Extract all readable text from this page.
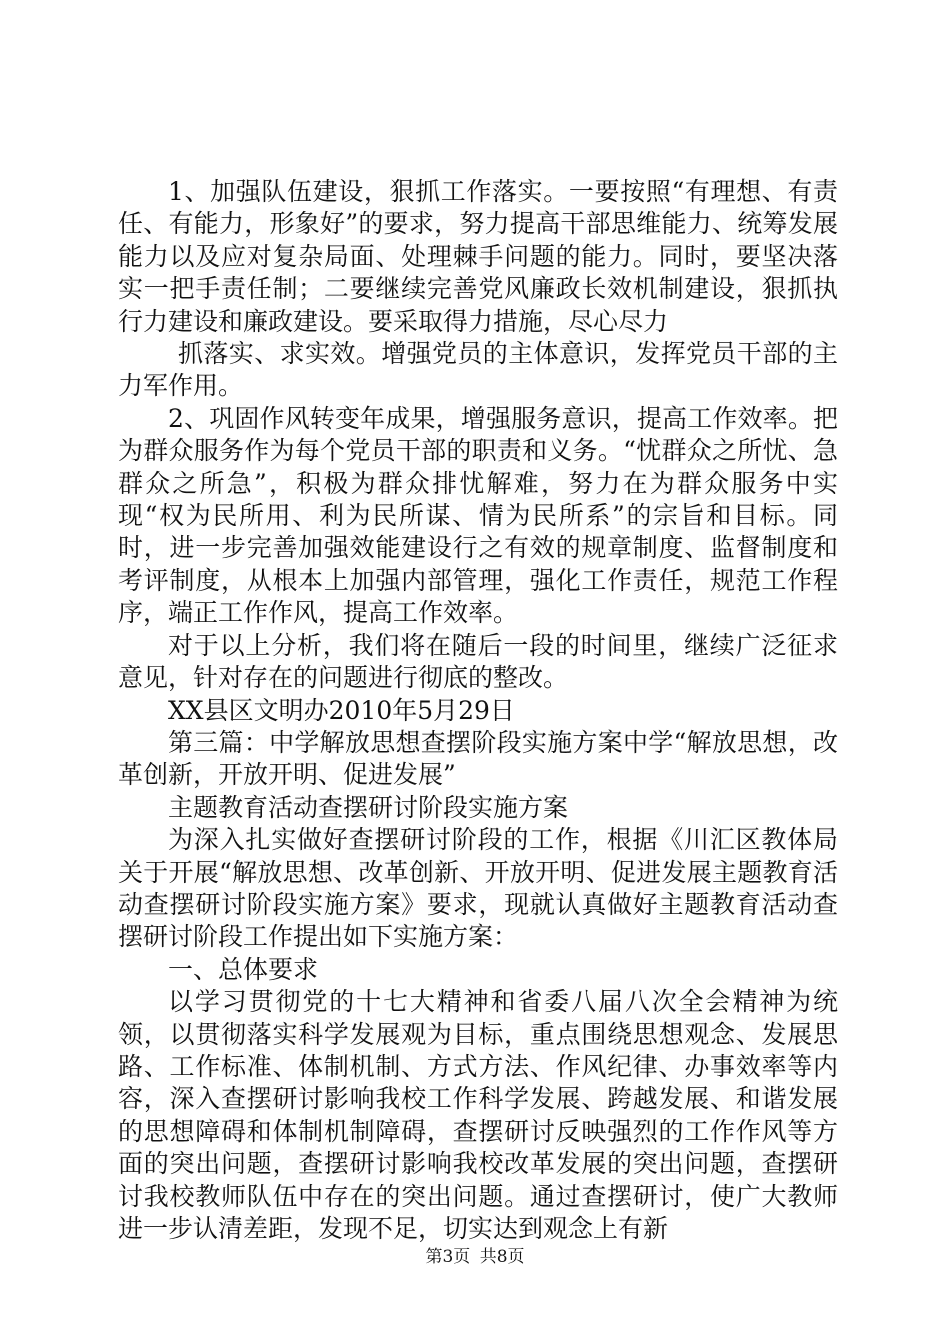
1、加强队伍建设，狠抓工作落实。一要按照“有理想、有责任、有能力，形象好”的要求，努力提高干部思维能力、统筹发展能力以及应对复杂局面、处理棘手问题的能力。同时，要坚决落实一把手责任制；二要继续完善党风廉政长效机制建设，狠抓执行力建设和廉政建设。要采取得力措施，尽心尽力

抓落实、求实效。增强党员的主体意识，发挥党员干部的主力军作用。

2、巩固作风转变年成果，增强服务意识，提高工作效率。把为群众服务作为每个党员干部的职责和义务。“忧群众之所忧、急群众之所急”，积极为群众排忧解难，努力在为群众服务中实现“权为民所用、利为民所谋、情为民所系”的宗旨和目标。同时，进一步完善加强效能建设行之有效的规章制度、监督制度和考评制度，从根本上加强内部管理，强化工作责任，规范工作程序，端正工作作风，提高工作效率。

对于以上分析，我们将在随后一段的时间里，继续广泛征求意见，针对存在的问题进行彻底的整改。

XX县区文明办2010年5月29日

第三篇：中学解放思想查摆阶段实施方案中学“解放思想，改革创新，开放开明、促进发展”

主题教育活动查摆研讨阶段实施方案

为深入扎实做好查摆研讨阶段的工作，根据《川汇区教体局关于开展“解放思想、改革创新、开放开明、促进发展主题教育活动查摆研讨阶段实施方案》要求，现就认真做好主题教育活动查摆研讨阶段工作提出如下实施方案：

一、总体要求

以学习贯彻党的十七大精神和省委八届八次全会精神为统领，以贯彻落实科学发展观为目标，重点围绕思想观念、发展思路、工作标准、体制机制、方式方法、作风纪律、办事效率等内容，深入查摆研讨影响我校工作科学发展、跨越发展、和谐发展的思想障碍和体制机制障碍，查摆研讨反映强烈的工作作风等方面的突出问题，查摆研讨影响我校改革发展的突出问题，查摆研讨我校教师队伍中存在的突出问题。通过查摆研讨，使广大教师进一步认清差距，发现不足，切实达到观念上有新

第3页 共8页
